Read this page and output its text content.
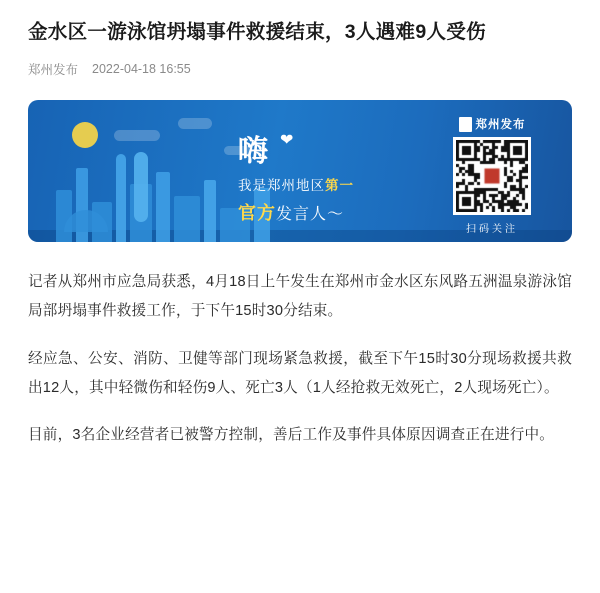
金水区一游泳馆坍塌事件救援结束，3人遇难9人受伤
郑州发布 2022-04-18 16:55
嗨 ❤
我是郑州地区第一
官方发言人～
郑州发布
扫码关注

记者从郑州市应急局获悉，4月18日上午发生在郑州市金水区东风路五洲温泉游泳馆局部坍塌事件救援工作，于下午15时30分结束。

经应急、公安、消防、卫健等部门现场紧急救援，截至下午15时30分现场救援共救出12人，其中轻微伤和轻伤9人、死亡3人（1人经抢救无效死亡，2人现场死亡）。

目前，3名企业经营者已被警方控制，善后工作及事件具体原因调查正在进行中。
